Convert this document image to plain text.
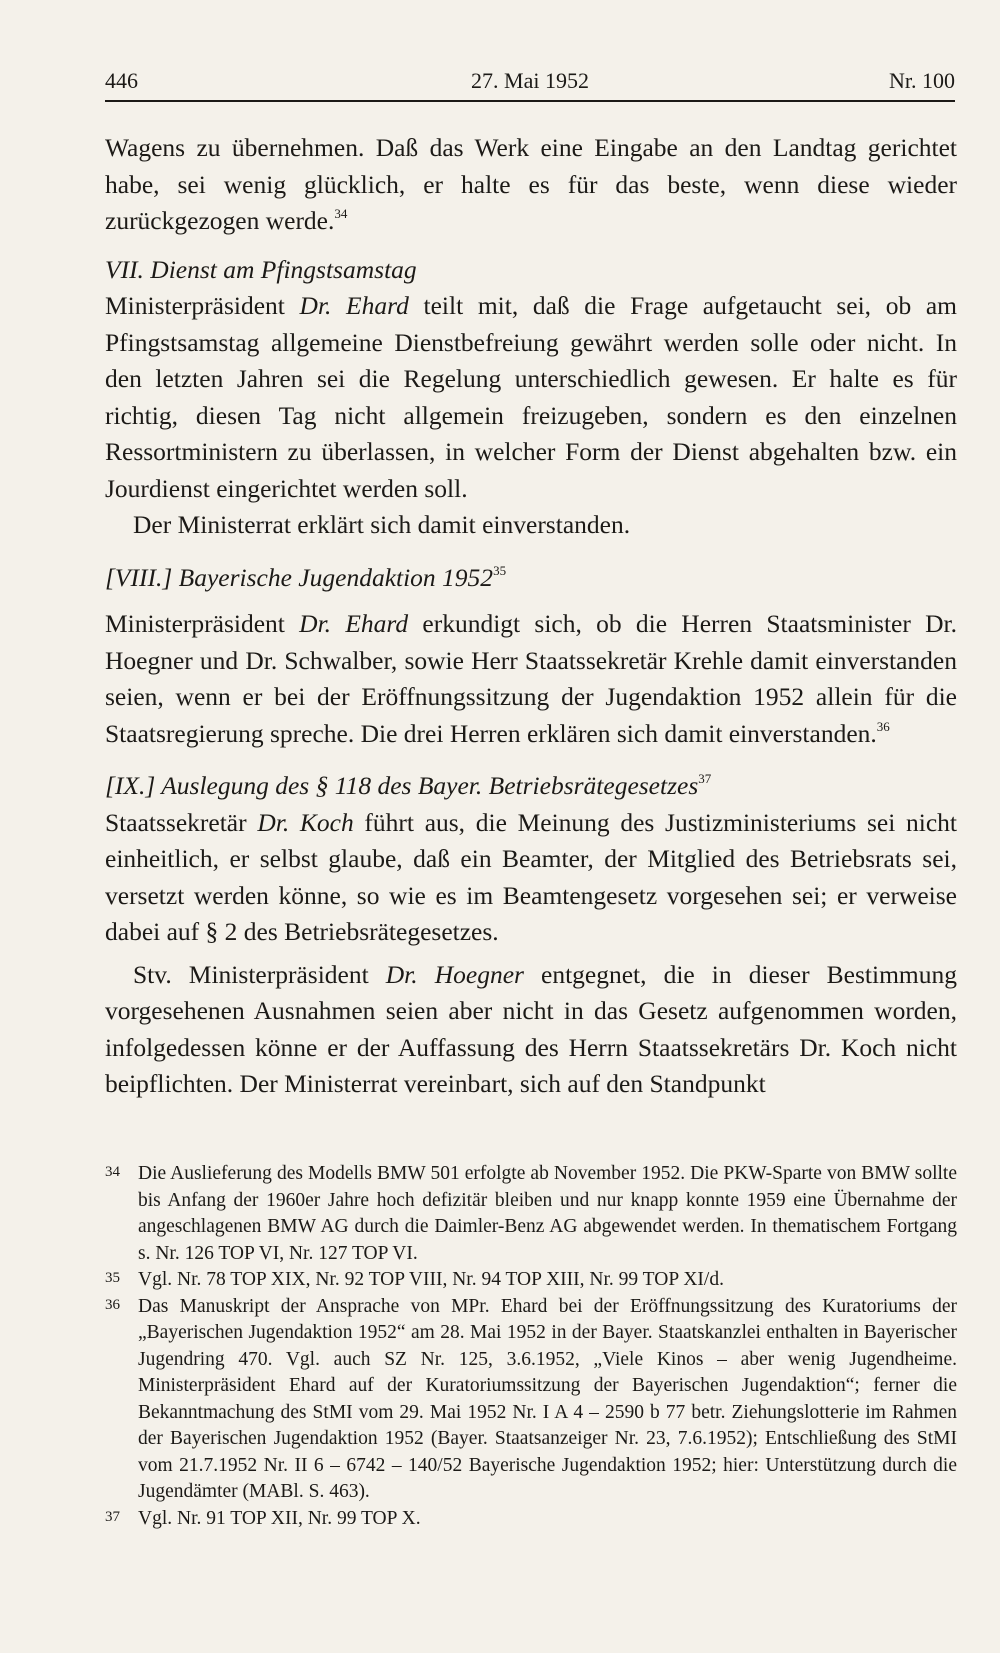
446	27. Mai 1952	Nr. 100

Wagens zu übernehmen. Daß das Werk eine Eingabe an den Landtag gerichtet habe, sei wenig glücklich, er halte es für das beste, wenn diese wieder zurückgezogen werde.$^{34}$

VII. Dienst am Pfingstsamstag

Ministerpräsident Dr. Ehard teilt mit, daß die Frage aufgetaucht sei, ob am Pfingstsamstag allgemeine Dienstbefreiung gewährt werden solle oder nicht. In den letzten Jahren sei die Regelung unterschiedlich gewesen. Er halte es für richtig, diesen Tag nicht allgemein freizugeben, sondern es den einzelnen Ressortministern zu überlassen, in welcher Form der Dienst abgehalten bzw. ein Jourdienst eingerichtet werden soll.

Der Ministerrat erklärt sich damit einverstanden.

[VIII.] Bayerische Jugendaktion 1952$^{35}$

Ministerpräsident Dr. Ehard erkundigt sich, ob die Herren Staatsminister Dr. Hoegner und Dr. Schwalber, sowie Herr Staatssekretär Krehle damit einverstanden seien, wenn er bei der Eröffnungssitzung der Jugendaktion 1952 allein für die Staatsregierung spreche. Die drei Herren erklären sich damit einverstanden.$^{36}$

[IX.] Auslegung des § 118 des Bayer. Betriebsrätegesetzes$^{37}$

Staatssekretär Dr. Koch führt aus, die Meinung des Justizministeriums sei nicht einheitlich, er selbst glaube, daß ein Beamter, der Mitglied des Betriebsrats sei, versetzt werden könne, so wie es im Beamtengesetz vorgesehen sei; er verweise dabei auf § 2 des Betriebsrätegesetzes.

Stv. Ministerpräsident Dr. Hoegner entgegnet, die in dieser Bestimmung vorgesehenen Ausnahmen seien aber nicht in das Gesetz aufgenommen worden, infolgedessen könne er der Auffassung des Herrn Staatssekretärs Dr. Koch nicht beipflichten. Der Ministerrat vereinbart, sich auf den Standpunkt

34 Die Auslieferung des Modells BMW 501 erfolgte ab November 1952. Die PKW-Sparte von BMW sollte bis Anfang der 1960er Jahre hoch defizitär bleiben und nur knapp konnte 1959 eine Übernahme der angeschlagenen BMW AG durch die Daimler-Benz AG abgewendet werden. In thematischem Fortgang s. Nr. 126 TOP VI, Nr. 127 TOP VI.

35 Vgl. Nr. 78 TOP XIX, Nr. 92 TOP VIII, Nr. 94 TOP XIII, Nr. 99 TOP XI/d.

36 Das Manuskript der Ansprache von MPr. Ehard bei der Eröffnungssitzung des Kuratoriums der „Bayerischen Jugendaktion 1952“ am 28. Mai 1952 in der Bayer. Staatskanzlei enthalten in Bayerischer Jugendring 470. Vgl. auch SZ Nr. 125, 3.6.1952, „Viele Kinos – aber wenig Jugendheime. Ministerpräsident Ehard auf der Kuratoriumssitzung der Bayerischen Jugendaktion“; ferner die Bekanntmachung des StMI vom 29. Mai 1952 Nr. I A 4 – 2590 b 77 betr. Ziehungslotterie im Rahmen der Bayerischen Jugendaktion 1952 (Bayer. Staatsanzeiger Nr. 23, 7.6.1952); Entschließung des StMI vom 21.7.1952 Nr. II 6 – 6742 – 140/52 Bayerische Jugendaktion 1952; hier: Unterstützung durch die Jugendämter (MABl. S. 463).

37 Vgl. Nr. 91 TOP XII, Nr. 99 TOP X.
